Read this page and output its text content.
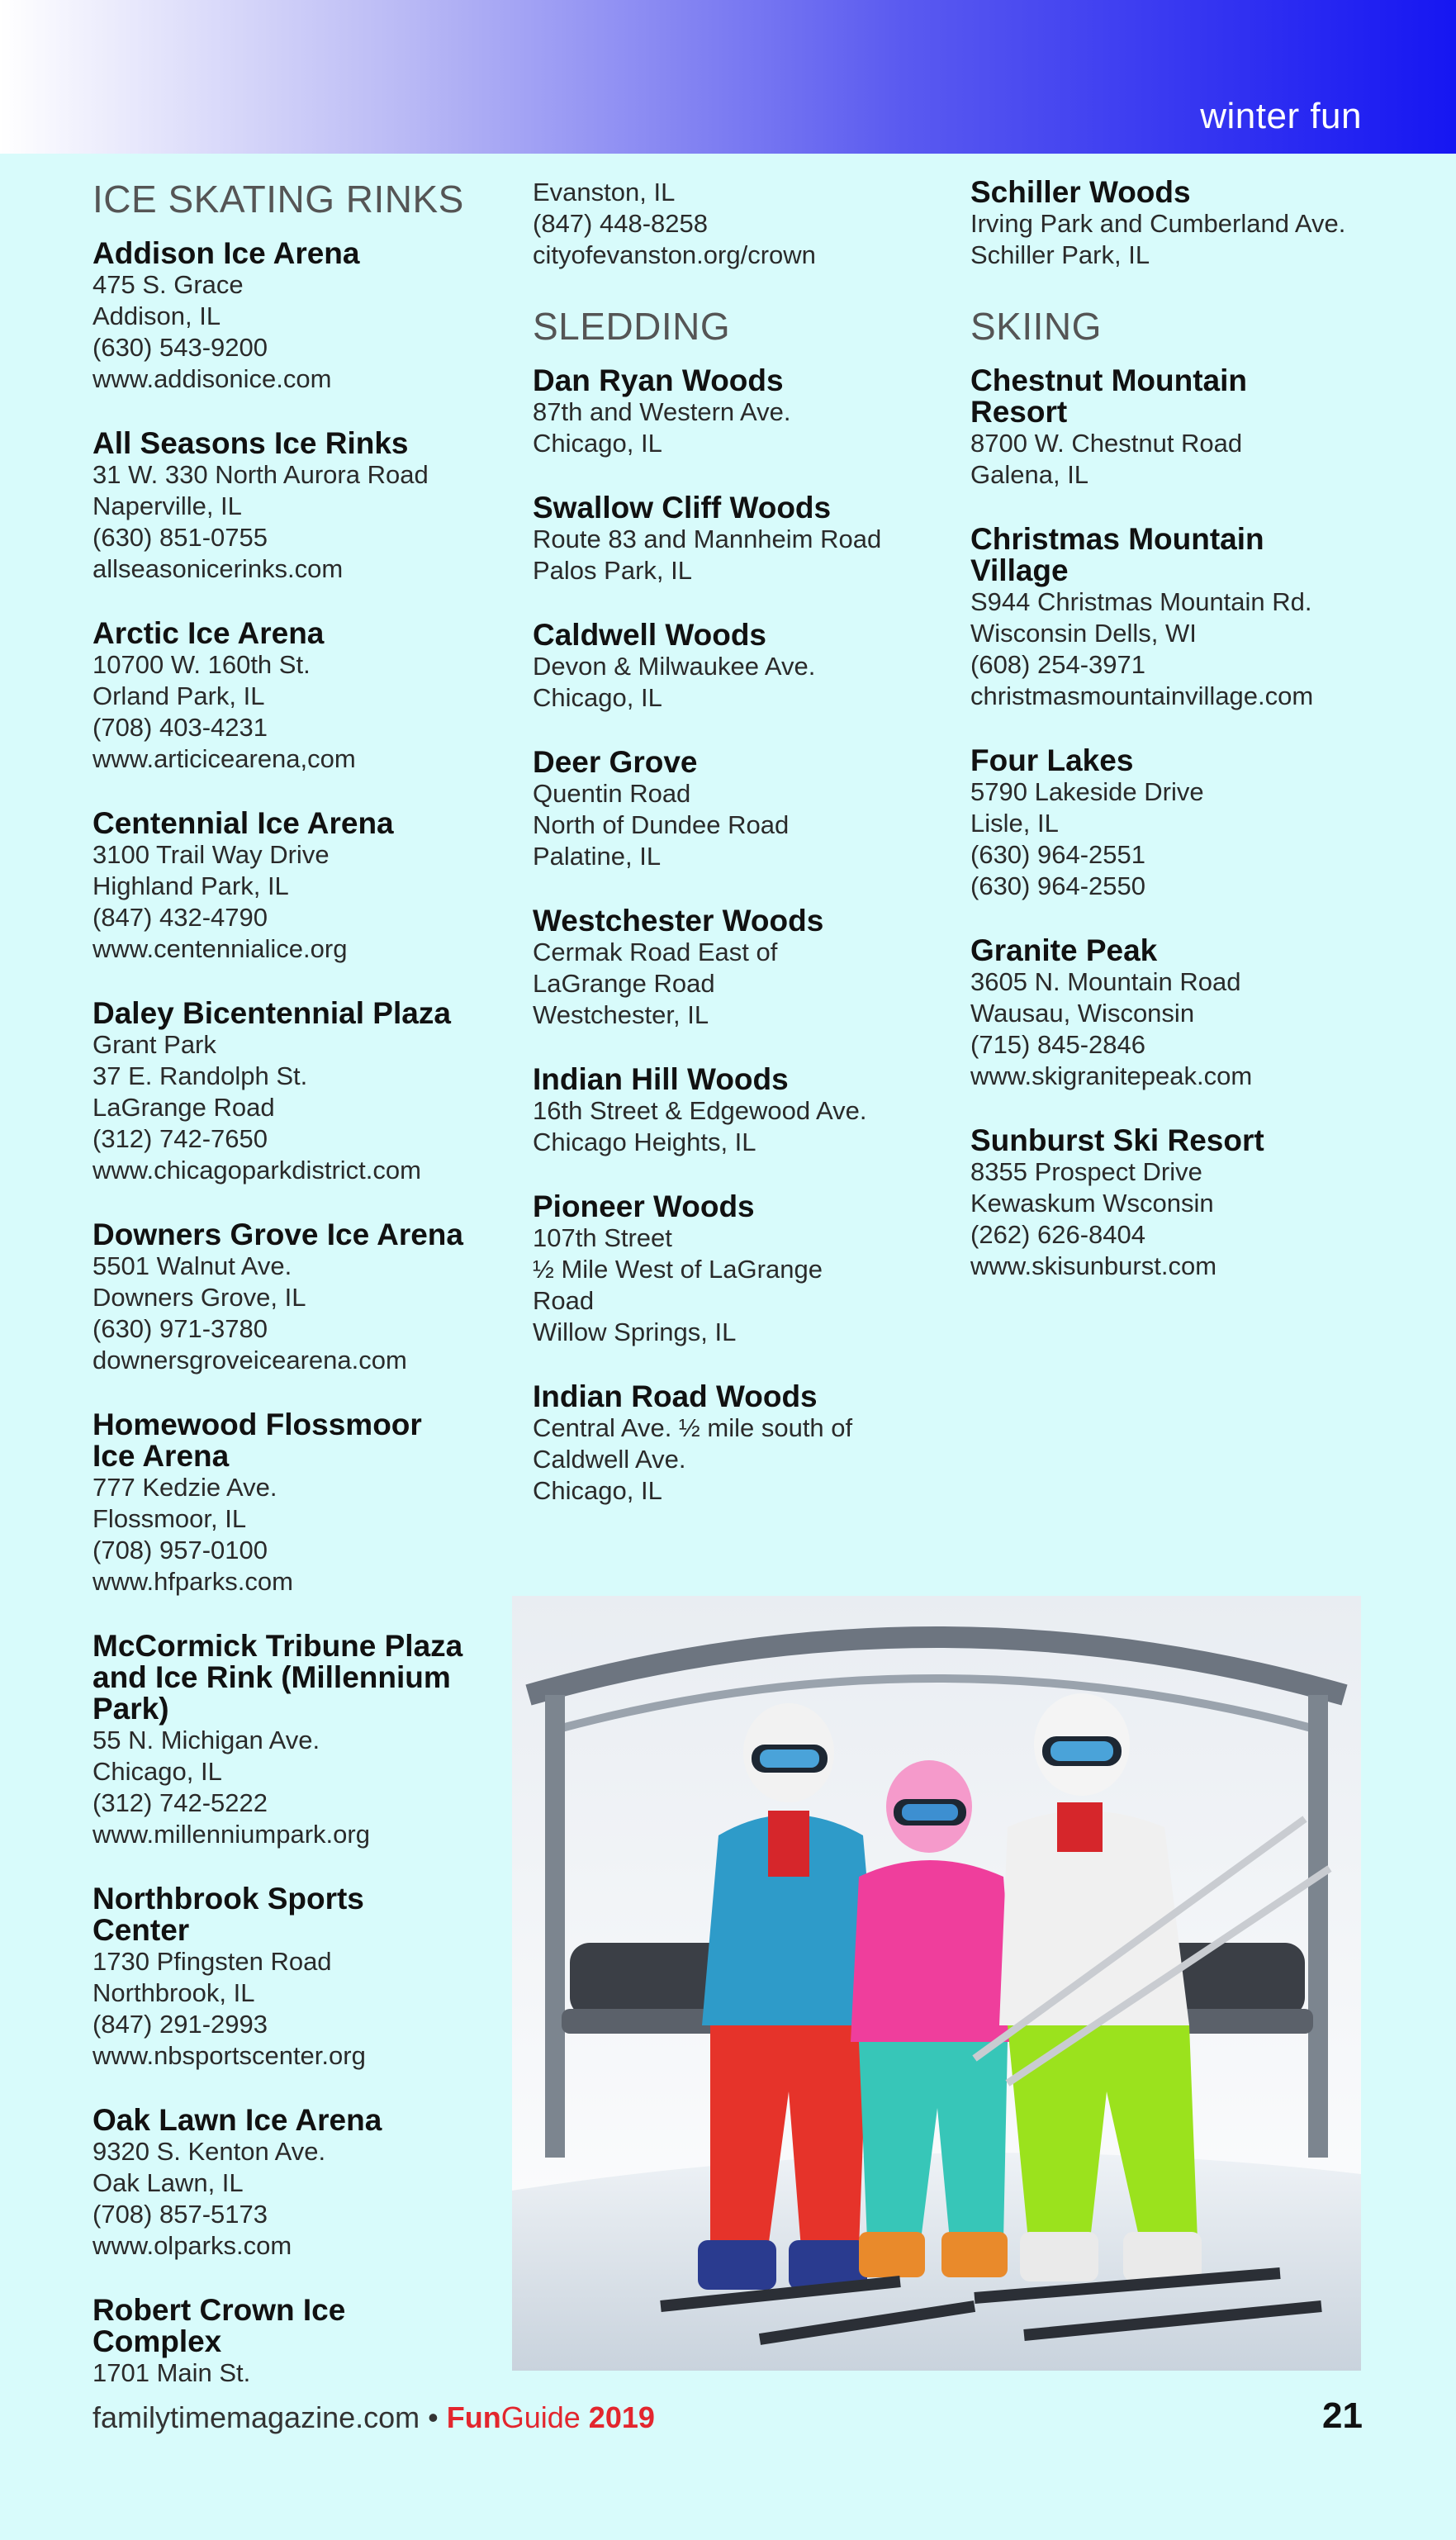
winter fun
ICE SKATING RINKS

Addison Ice Arena

475 S. Grace

Addison, IL

(630) 543-9200

www.addisonice.com

All Seasons Ice Rinks

31 W. 330 North Aurora Road

Naperville, IL

(630) 851-0755

allseasonicerinks.com

Arctic Ice Arena

10700 W. 160th St.

Orland Park, IL

(708) 403-4231

www.articicearena,com

Centennial Ice Arena

3100 Trail Way Drive

Highland Park, IL

(847) 432-4790

www.centennialice.org

Daley Bicentennial Plaza

Grant Park

37 E. Randolph St.

LaGrange Road

(312) 742-7650

www.chicagoparkdistrict.com

Downers Grove Ice Arena

5501 Walnut Ave.

Downers Grove, IL

(630) 971-3780

downersgroveicearena.com

Homewood Flossmoor

Ice Arena

777 Kedzie Ave.

Flossmoor, IL

(708) 957-0100

www.hfparks.com

McCormick Tribune Plaza

and Ice Rink (Millennium

Park)

55 N. Michigan Ave.

Chicago, IL

(312) 742-5222

www.millenniumpark.org

Northbrook Sports

Center

1730 Pfingsten Road

Northbrook, IL

(847) 291-2993

www.nbsportscenter.org

Oak Lawn Ice Arena

9320 S. Kenton Ave.

Oak Lawn, IL

(708) 857-5173

www.olparks.com

Robert Crown Ice

Complex

1701 Main St.

Evanston, IL

(847) 448-8258

cityofevanston.org/crown

SLEDDING

Dan Ryan Woods

87th and Western Ave.

Chicago, IL

Swallow Cliff Woods

Route 83 and Mannheim Road

Palos Park, IL

Caldwell Woods

Devon & Milwaukee Ave.

Chicago, IL

Deer Grove

Quentin Road

North of Dundee Road

Palatine, IL

Westchester Woods

Cermak Road East of

LaGrange Road

Westchester, IL

Indian Hill Woods

16th Street & Edgewood Ave.

Chicago Heights, IL

Pioneer Woods

107th Street

½ Mile West of LaGrange

Road

Willow Springs, IL

Indian Road Woods

Central Ave. ½ mile south of

Caldwell Ave.

Chicago, IL

Schiller Woods

Irving Park and Cumberland Ave.

Schiller Park, IL

SKIING

Chestnut Mountain

Resort

8700 W. Chestnut Road

Galena, IL

Christmas Mountain

Village

S944 Christmas Mountain Rd.

Wisconsin Dells, WI

(608) 254-3971

christmasmountainvillage.com

Four Lakes

5790 Lakeside Drive

Lisle, IL

(630) 964-2551

(630) 964-2550

Granite Peak

3605 N. Mountain Road

Wausau, Wisconsin

(715) 845-2846

www.skigranitepeak.com

Sunburst Ski Resort

8355 Prospect Drive

Kewaskum Wsconsin

(262) 626-8404

www.skisunburst.com

familytimemagazine.com • FunGuide 2019	21
